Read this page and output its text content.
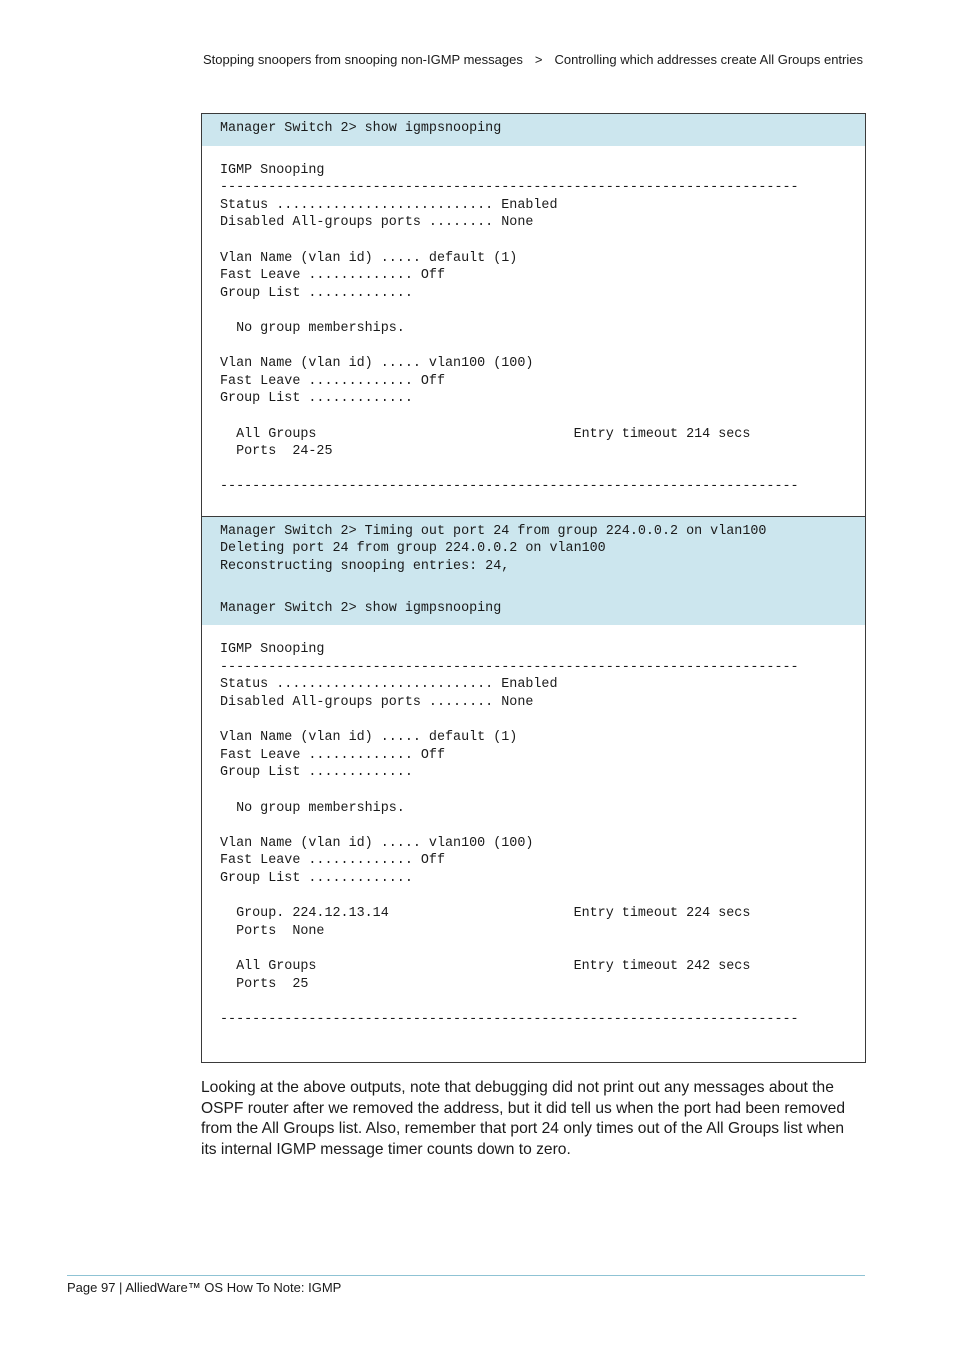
Stopping snoopers from snooping non-IGMP messages > Controlling which addresses create All Groups entries
Manager Switch 2> show igmpsnooping
IGMP Snooping
------------------------------------------------------------------------
Status ........................... Enabled
Disabled All-groups ports ........ None

Vlan Name (vlan id) ..... default (1)
Fast Leave ............. Off
Group List .............

No group memberships.

Vlan Name (vlan id) ..... vlan100 (100)
Fast Leave ............. Off
Group List .............

All Groups                                Entry timeout 214 secs
Ports  24-25

------------------------------------------------------------------------
Manager Switch 2> Timing out port 24 from group 224.0.0.2 on vlan100
Deleting port 24 from group 224.0.0.2 on vlan100
Reconstructing snooping entries: 24,
Manager Switch 2> show igmpsnooping
IGMP Snooping
------------------------------------------------------------------------
Status ........................... Enabled
Disabled All-groups ports ........ None

Vlan Name (vlan id) ..... default (1)
Fast Leave ............. Off
Group List .............

No group memberships.

Vlan Name (vlan id) ..... vlan100 (100)
Fast Leave ............. Off
Group List .............

Group. 224.12.13.14                       Entry timeout 224 secs
Ports  None

All Groups                                Entry timeout 242 secs
Ports  25

------------------------------------------------------------------------

Looking at the above outputs, note that debugging did not print out any messages about the OSPF router after we removed the address, but it did tell us when the port had been removed from the All Groups list. Also, remember that port 24 only times out of the All Groups list when its internal IGMP message timer counts down to zero.

Page 97 | AlliedWare™ OS How To Note: IGMP
